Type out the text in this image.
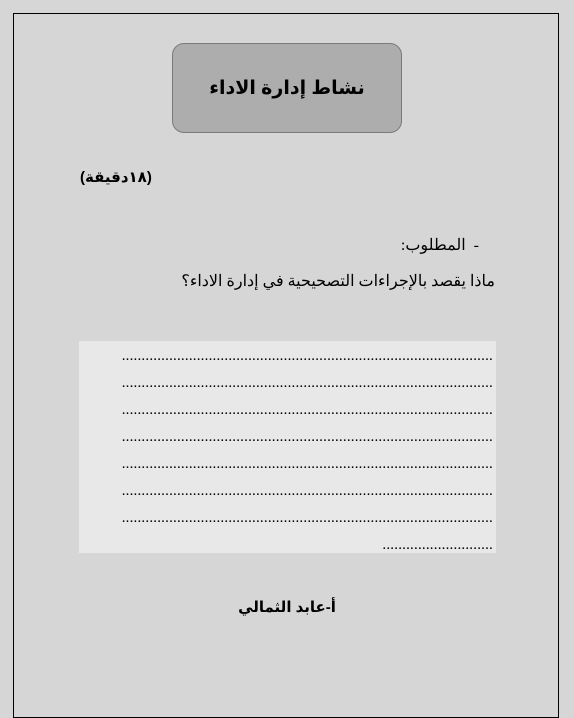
نشاط إدارة الاداء
(١٨دقيقة)
-
المطلوب:
ماذا يقصد بالإجراءات التصحيحية في إدارة الاداء؟
..............................................................................................
..............................................................................................
..............................................................................................
..............................................................................................
..............................................................................................
..............................................................................................
..............................................................................................
............................
أ-عابد الثمالي
